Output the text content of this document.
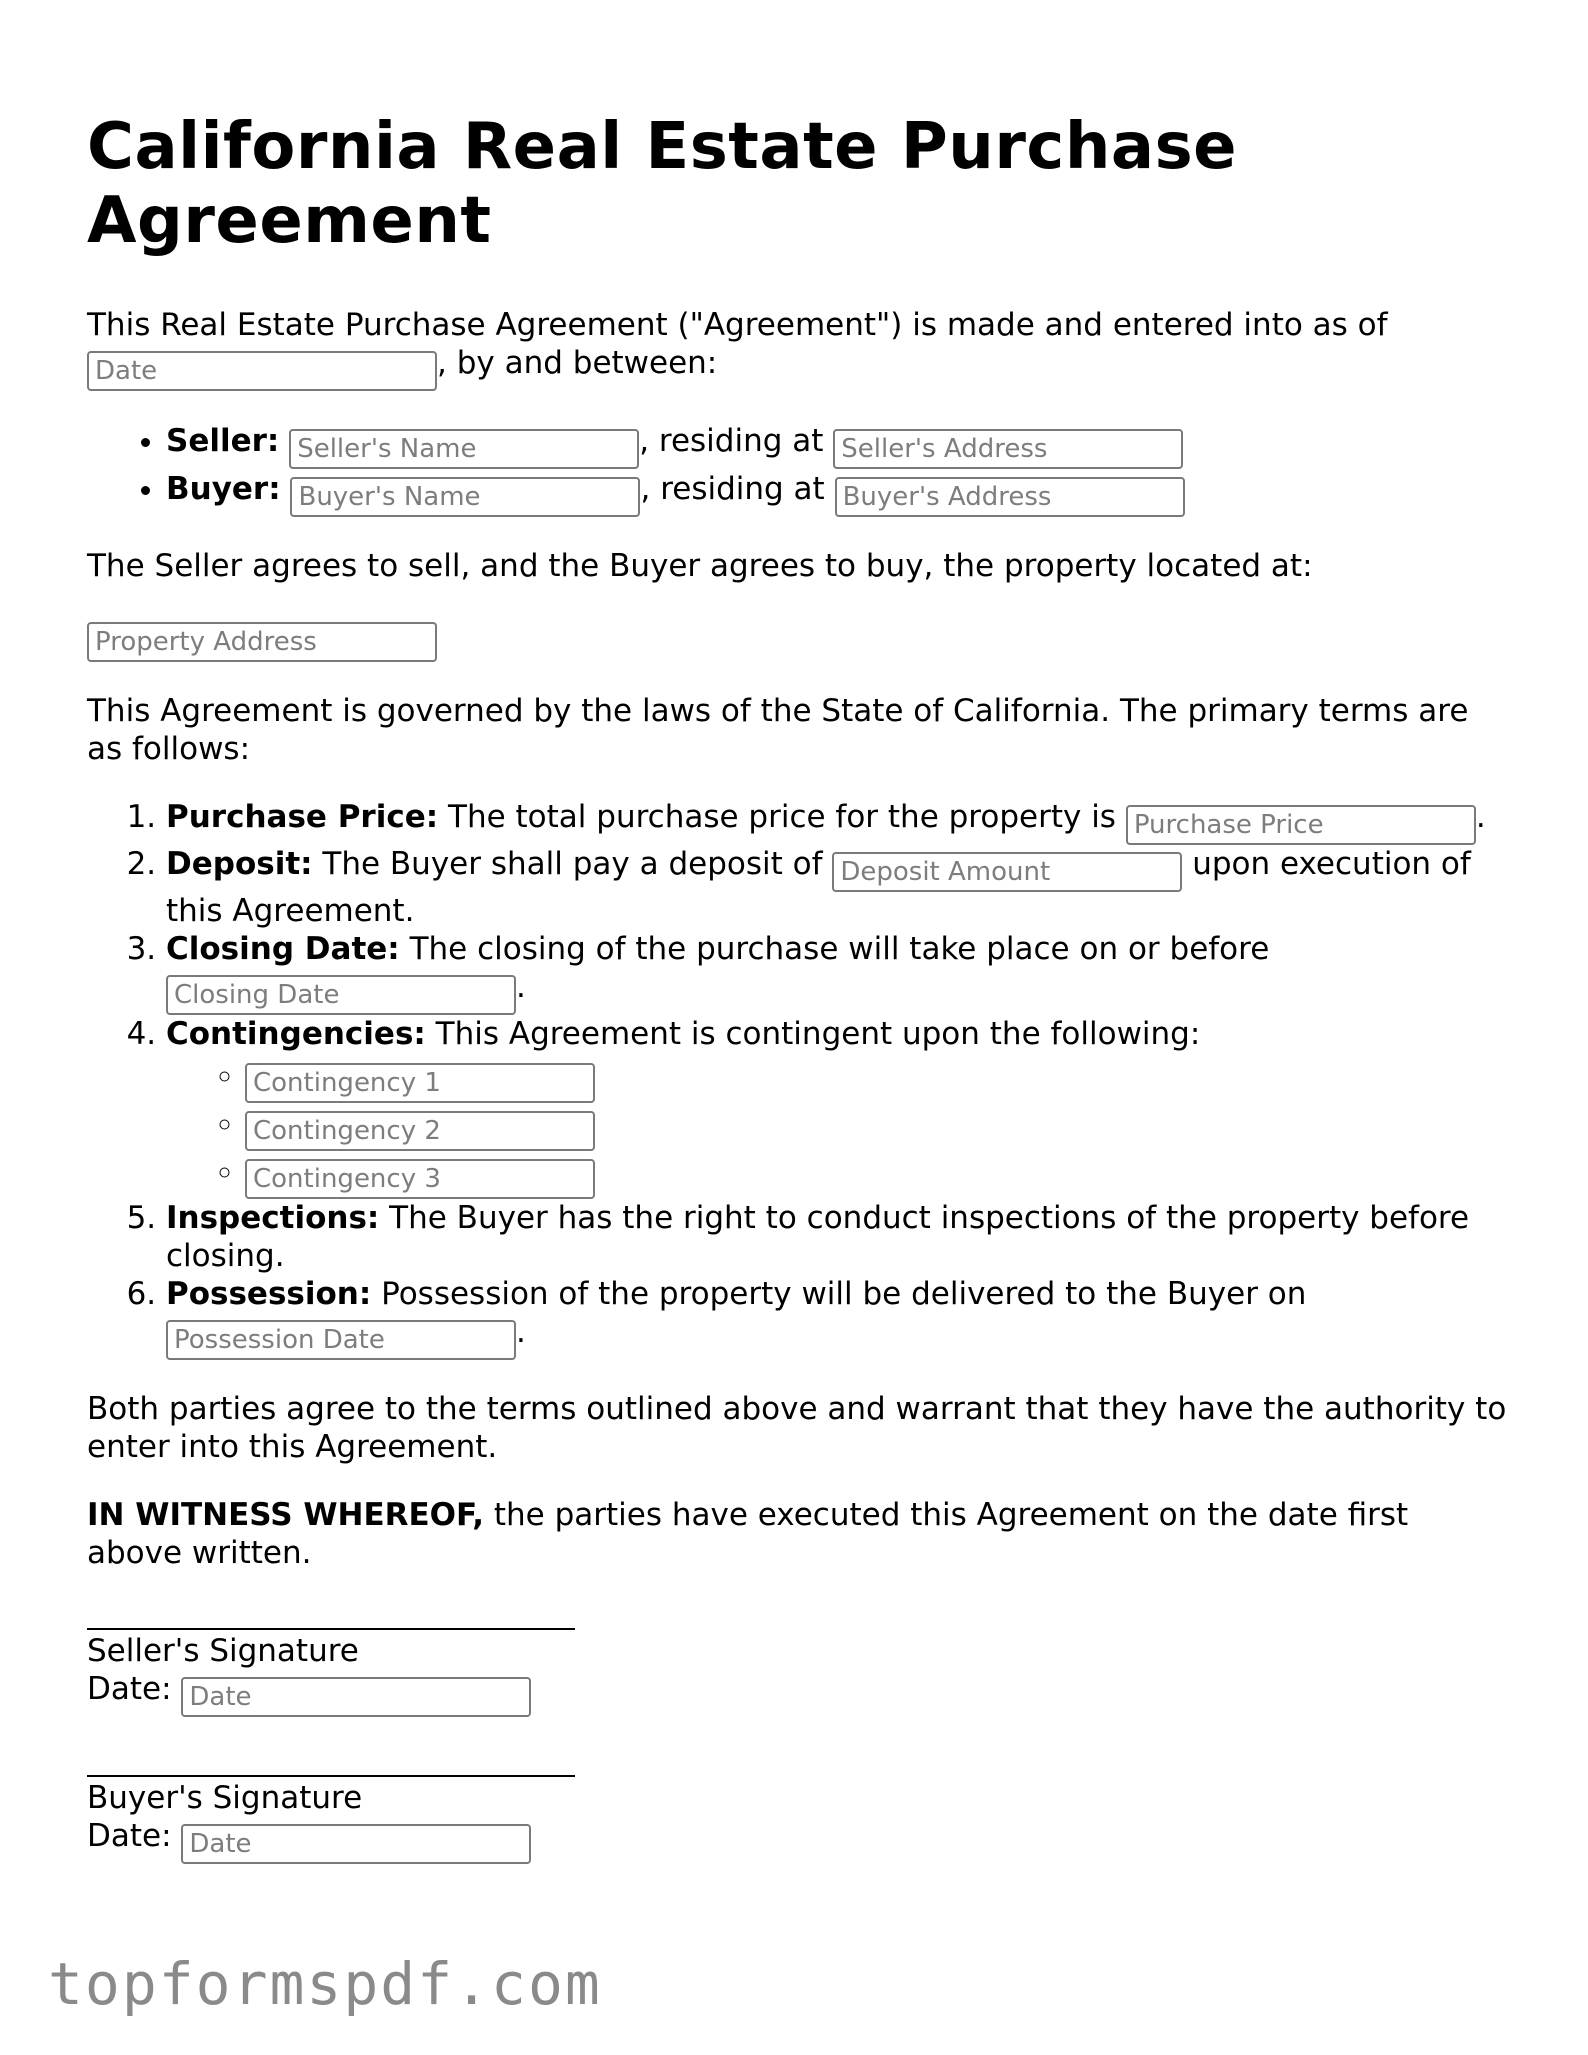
California Real Estate Purchase Agreement

This Real Estate Purchase Agreement ("Agreement") is made and entered into as of
Date, by and between:

• Seller: Seller's Name	, residing at Seller's Address
• Buyer: Buyer's Name	, residing at Buyer's Address

The Seller agrees to sell, and the Buyer agrees to buy, the property located at:

Property Address

This Agreement is governed by the laws of the State of California. The primary terms are as follows:

1. Purchase Price: The total purchase price for the property is Purchase Price	.
2. Deposit: The Buyer shall pay a deposit of Deposit Amount	upon execution of this Agreement.
3. Closing Date: The closing of the purchase will take place on or before
Closing Date.
4. Contingencies: This Agreement is contingent upon the following:
◦ Contingency 1
◦ Contingency 2
◦ Contingency 3
5. Inspections: The Buyer has the right to conduct inspections of the property before closing.
6. Possession: Possession of the property will be delivered to the Buyer on
Possession Date.

Both parties agree to the terms outlined above and warrant that they have the authority to enter into this Agreement.

IN WITNESS WHEREOF, the parties have executed this Agreement on the date first above written.

Seller's Signature
Date: Date
Buyer's Signature
Date: Date
topformspdf.com
